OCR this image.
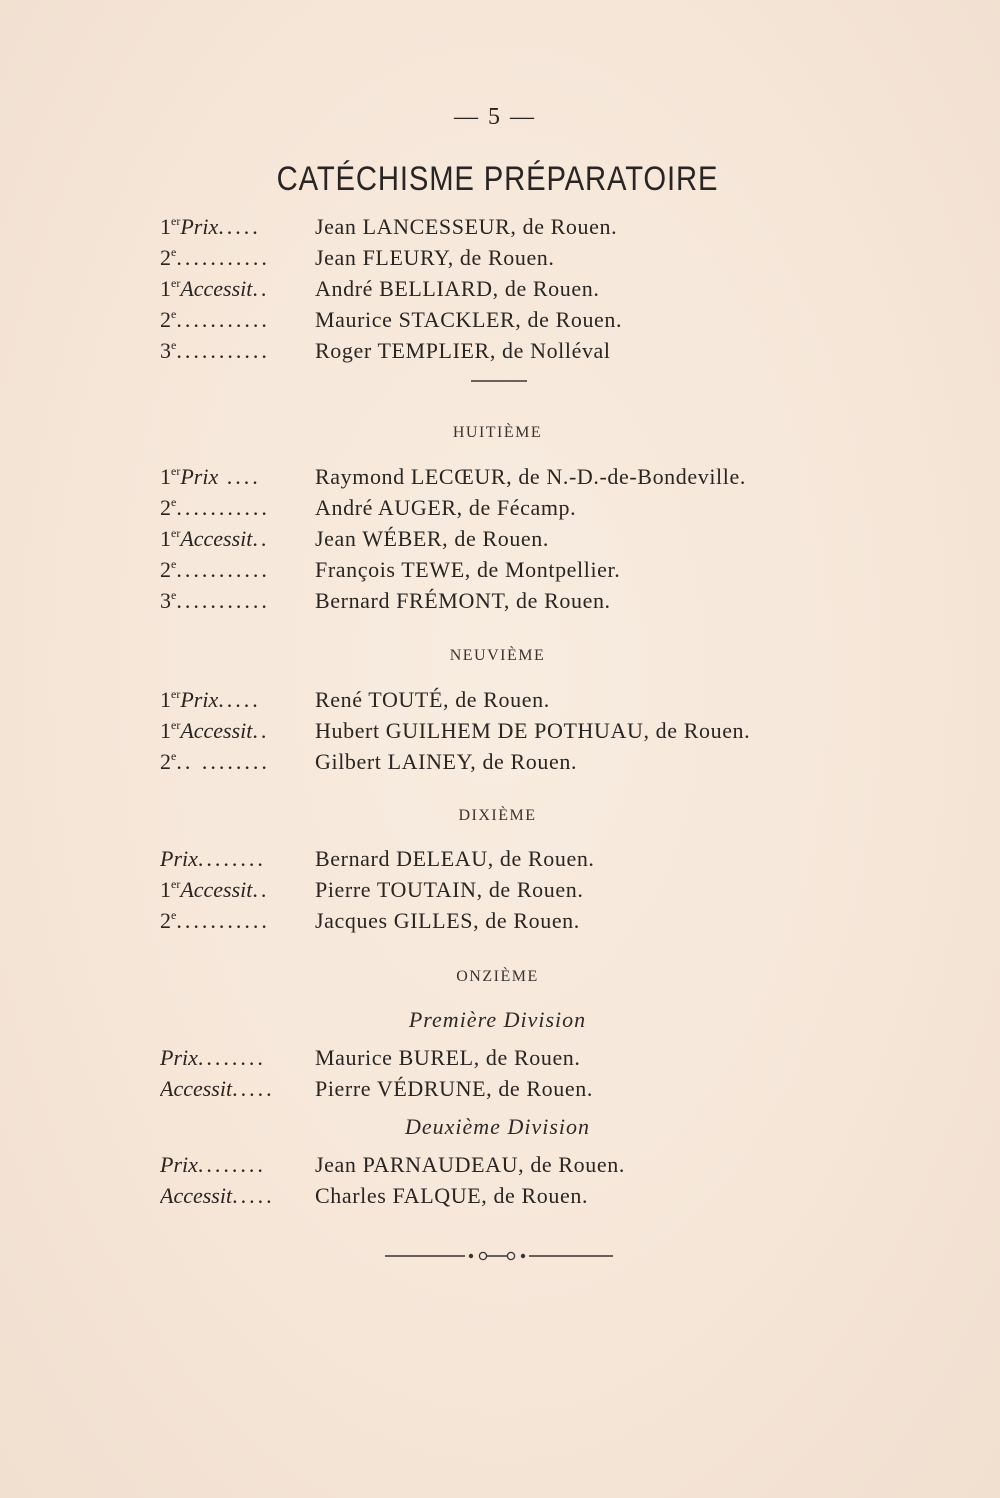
— 5 —
CATÉCHISME PRÉPARATOIRE
1erPrix.....	Jean LANCESSEUR, de Rouen.
2e...........	Jean FLEURY, de Rouen.
1erAccessit..	André BELLIARD, de Rouen.
2e...........	Maurice STACKLER, de Rouen.
3e...........	Roger TEMPLIER, de Nolléval
HUITIÈME
1erPrix ....	Raymond LECŒUR, de N.-D.-de-Bondeville.
2e...........	André AUGER, de Fécamp.
1erAccessit..	Jean WÉBER, de Rouen.
2e...........	François TEWE, de Montpellier.
3e...........	Bernard FRÉMONT, de Rouen.
NEUVIÈME
1erPrix.....	René TOUTÉ, de Rouen.
1erAccessit..	Hubert GUILHEM DE POTHUAU, de Rouen.
2e.. ........	Gilbert LAINEY, de Rouen.
DIXIÈME
Prix........	Bernard DELEAU, de Rouen.
1erAccessit..	Pierre TOUTAIN, de Rouen.
2e...........	Jacques GILLES, de Rouen.
ONZIÈME
Première Division
Prix........	Maurice BUREL, de Rouen.
Accessit.....	Pierre VÉDRUNE, de Rouen.
Deuxième Division
Prix........	Jean PARNAUDEAU, de Rouen.
Accessit.....	Charles FALQUE, de Rouen.
